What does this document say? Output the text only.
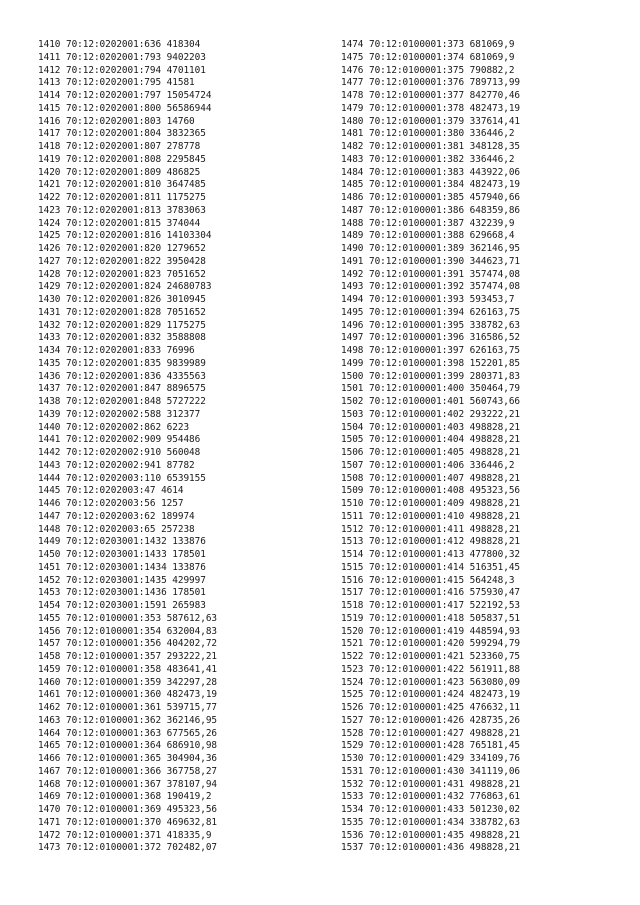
1410 70:12:0202001:636 418304
1411 70:12:0202001:793 9402203
1412 70:12:0202001:794 4701101
1413 70:12:0202001:795 41581
1414 70:12:0202001:797 15054724
1415 70:12:0202001:800 56586944
1416 70:12:0202001:803 14760
1417 70:12:0202001:804 3832365
1418 70:12:0202001:807 278778
1419 70:12:0202001:808 2295845
1420 70:12:0202001:809 486825
1421 70:12:0202001:810 3647485
1422 70:12:0202001:811 1175275
1423 70:12:0202001:813 3783063
1424 70:12:0202001:815 374044
1425 70:12:0202001:816 14103304
1426 70:12:0202001:820 1279652
1427 70:12:0202001:822 3950428
1428 70:12:0202001:823 7051652
1429 70:12:0202001:824 24680783
1430 70:12:0202001:826 3010945
1431 70:12:0202001:828 7051652
1432 70:12:0202001:829 1175275
1433 70:12:0202001:832 3588808
1434 70:12:0202001:833 76996
1435 70:12:0202001:835 9839989
1436 70:12:0202001:836 4335563
1437 70:12:0202001:847 8896575
1438 70:12:0202001:848 5727222
1439 70:12:0202002:588 312377
1440 70:12:0202002:862 6223
1441 70:12:0202002:909 954486
1442 70:12:0202002:910 560048
1443 70:12:0202002:941 87782
1444 70:12:0202003:110 6539155
1445 70:12:0202003:47 4614
1446 70:12:0202003:56 1257
1447 70:12:0202003:62 189974
1448 70:12:0202003:65 257238
1449 70:12:0203001:1432 133876
1450 70:12:0203001:1433 178501
1451 70:12:0203001:1434 133876
1452 70:12:0203001:1435 429997
1453 70:12:0203001:1436 178501
1454 70:12:0203001:1591 265983
1455 70:12:0100001:353 587612,63
1456 70:12:0100001:354 632004,83
1457 70:12:0100001:356 404202,72
1458 70:12:0100001:357 293222,21
1459 70:12:0100001:358 483641,41
1460 70:12:0100001:359 342297,28
1461 70:12:0100001:360 482473,19
1462 70:12:0100001:361 539715,77
1463 70:12:0100001:362 362146,95
1464 70:12:0100001:363 677565,26
1465 70:12:0100001:364 686910,98
1466 70:12:0100001:365 304904,36
1467 70:12:0100001:366 367758,27
1468 70:12:0100001:367 378107,94
1469 70:12:0100001:368 190419,2
1470 70:12:0100001:369 495323,56
1471 70:12:0100001:370 469632,81
1472 70:12:0100001:371 418335,9
1473 70:12:0100001:372 702482,07
1474 70:12:0100001:373 681069,9
1475 70:12:0100001:374 681069,9
1476 70:12:0100001:375 790882,2
1477 70:12:0100001:376 789713,99
1478 70:12:0100001:377 842770,46
1479 70:12:0100001:378 482473,19
1480 70:12:0100001:379 337614,41
1481 70:12:0100001:380 336446,2
1482 70:12:0100001:381 348128,35
1483 70:12:0100001:382 336446,2
1484 70:12:0100001:383 443922,06
1485 70:12:0100001:384 482473,19
1486 70:12:0100001:385 457940,66
1487 70:12:0100001:386 648359,86
1488 70:12:0100001:387 432239,9
1489 70:12:0100001:388 629668,4
1490 70:12:0100001:389 362146,95
1491 70:12:0100001:390 344623,71
1492 70:12:0100001:391 357474,08
1493 70:12:0100001:392 357474,08
1494 70:12:0100001:393 593453,7
1495 70:12:0100001:394 626163,75
1496 70:12:0100001:395 338782,63
1497 70:12:0100001:396 316586,52
1498 70:12:0100001:397 626163,75
1499 70:12:0100001:398 152201,85
1500 70:12:0100001:399 280371,83
1501 70:12:0100001:400 350464,79
1502 70:12:0100001:401 560743,66
1503 70:12:0100001:402 293222,21
1504 70:12:0100001:403 498828,21
1505 70:12:0100001:404 498828,21
1506 70:12:0100001:405 498828,21
1507 70:12:0100001:406 336446,2
1508 70:12:0100001:407 498828,21
1509 70:12:0100001:408 495323,56
1510 70:12:0100001:409 498828,21
1511 70:12:0100001:410 498828,21
1512 70:12:0100001:411 498828,21
1513 70:12:0100001:412 498828,21
1514 70:12:0100001:413 477800,32
1515 70:12:0100001:414 516351,45
1516 70:12:0100001:415 564248,3
1517 70:12:0100001:416 575930,47
1518 70:12:0100001:417 522192,53
1519 70:12:0100001:418 505837,51
1520 70:12:0100001:419 448594,93
1521 70:12:0100001:420 599294,79
1522 70:12:0100001:421 523360,75
1523 70:12:0100001:422 561911,88
1524 70:12:0100001:423 563080,09
1525 70:12:0100001:424 482473,19
1526 70:12:0100001:425 476632,11
1527 70:12:0100001:426 428735,26
1528 70:12:0100001:427 498828,21
1529 70:12:0100001:428 765181,45
1530 70:12:0100001:429 334109,76
1531 70:12:0100001:430 341119,06
1532 70:12:0100001:431 498828,21
1533 70:12:0100001:432 776863,61
1534 70:12:0100001:433 501230,02
1535 70:12:0100001:434 338782,63
1536 70:12:0100001:435 498828,21
1537 70:12:0100001:436 498828,21
